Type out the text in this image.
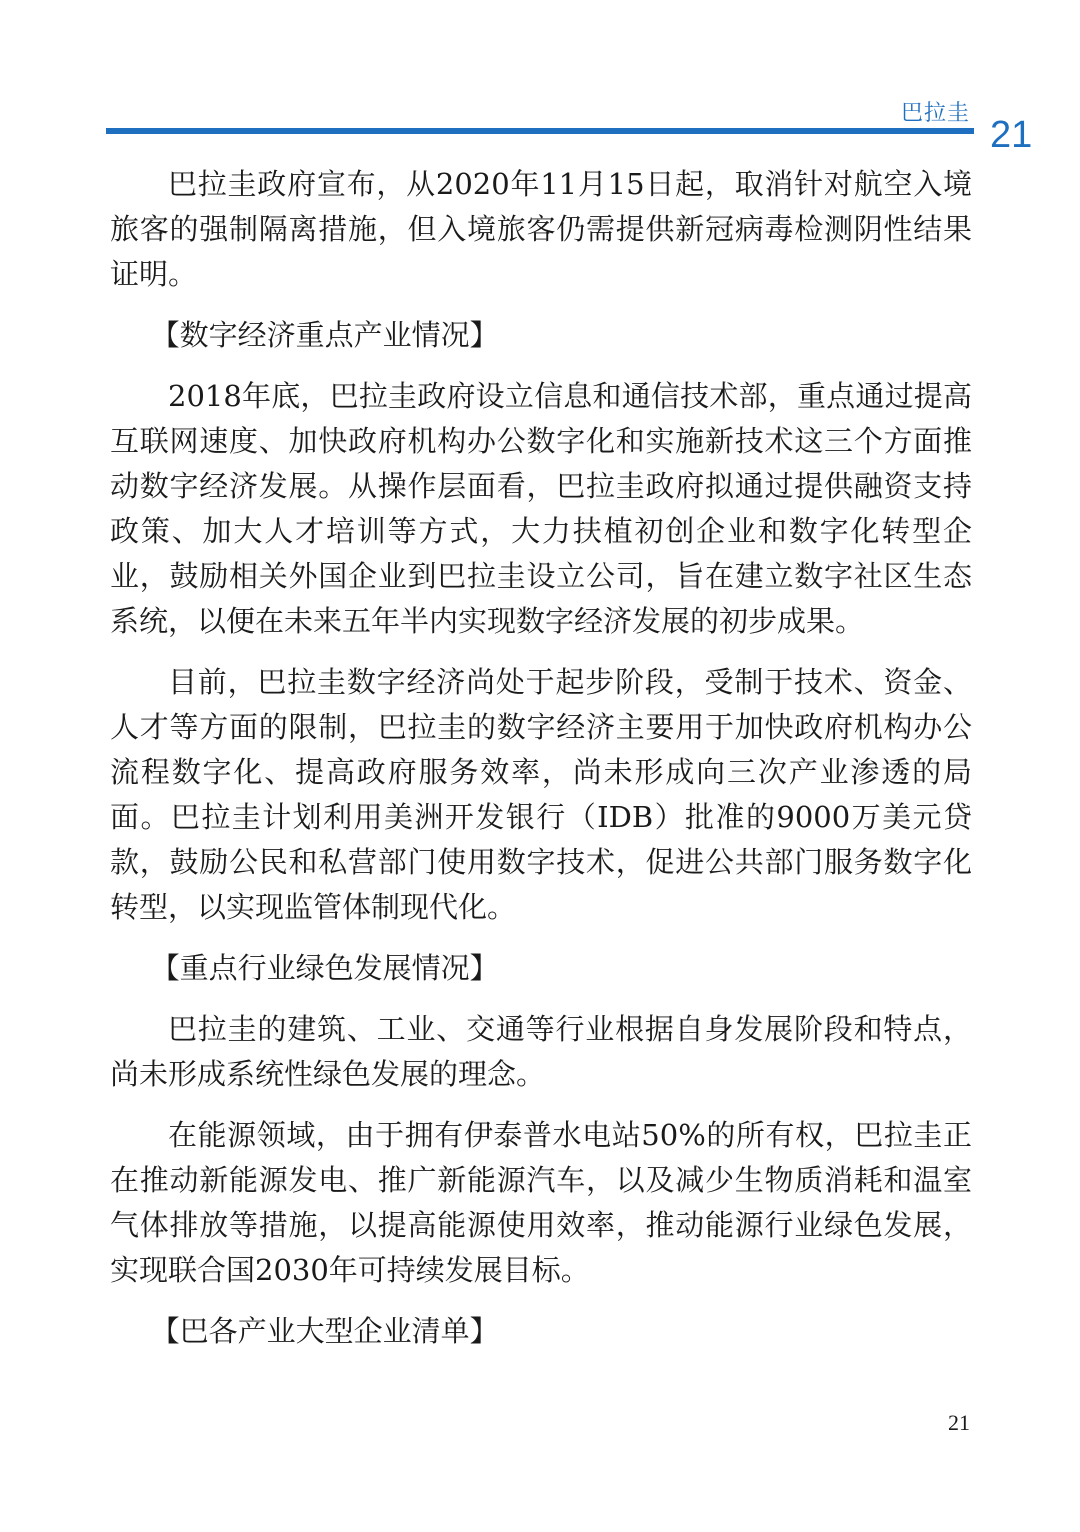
巴拉圭
21

巴拉圭政府宣布，从2020年11月15日起，取消针对航空入境旅客的强制隔离措施，但入境旅客仍需提供新冠病毒检测阴性结果证明。

【数字经济重点产业情况】

2018年底，巴拉圭政府设立信息和通信技术部，重点通过提高互联网速度、加快政府机构办公数字化和实施新技术这三个方面推动数字经济发展。从操作层面看，巴拉圭政府拟通过提供融资支持政策、加大人才培训等方式，大力扶植初创企业和数字化转型企业，鼓励相关外国企业到巴拉圭设立公司，旨在建立数字社区生态系统，以便在未来五年半内实现数字经济发展的初步成果。

目前，巴拉圭数字经济尚处于起步阶段，受制于技术、资金、人才等方面的限制，巴拉圭的数字经济主要用于加快政府机构办公流程数字化、提高政府服务效率，尚未形成向三次产业渗透的局面。巴拉圭计划利用美洲开发银行（IDB）批准的9000万美元贷款，鼓励公民和私营部门使用数字技术，促进公共部门服务数字化转型，以实现监管体制现代化。

【重点行业绿色发展情况】

巴拉圭的建筑、工业、交通等行业根据自身发展阶段和特点，尚未形成系统性绿色发展的理念。

在能源领域，由于拥有伊泰普水电站50%的所有权，巴拉圭正在推动新能源发电、推广新能源汽车，以及减少生物质消耗和温室气体排放等措施，以提高能源使用效率，推动能源行业绿色发展，实现联合国2030年可持续发展目标。

【巴各产业大型企业清单】

21
